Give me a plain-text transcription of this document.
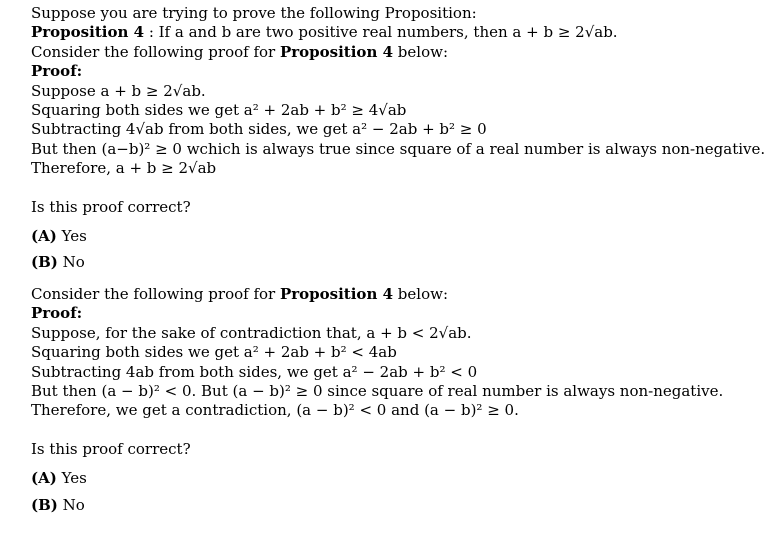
Suppose you are trying to prove the following Proposition:
Proposition 4 : If a and b are two positive real numbers, then a + b ≥ 2√ab.
Consider the following proof for Proposition 4 below:
Proof:
Suppose a + b ≥ 2√ab.
Squaring both sides we get a² + 2ab + b² ≥ 4√ab
Subtracting 4√ab from both sides, we get a² − 2ab + b² ≥ 0
But then (a−b)² ≥ 0 wchich is always true since square of a real number is always non-negative.
Therefore, a + b ≥ 2√ab
Is this proof correct?
(A) Yes
(B) No
Consider the following proof for Proposition 4 below:
Proof:
Suppose, for the sake of contradiction that, a + b < 2√ab.
Squaring both sides we get a² + 2ab + b² < 4ab
Subtracting 4ab from both sides, we get a² − 2ab + b² < 0
But then (a − b)² < 0. But (a − b)² ≥ 0 since square of real number is always non-negative.
Therefore, we get a contradiction, (a − b)² < 0 and (a − b)² ≥ 0.
Is this proof correct?
(A) Yes
(B) No
